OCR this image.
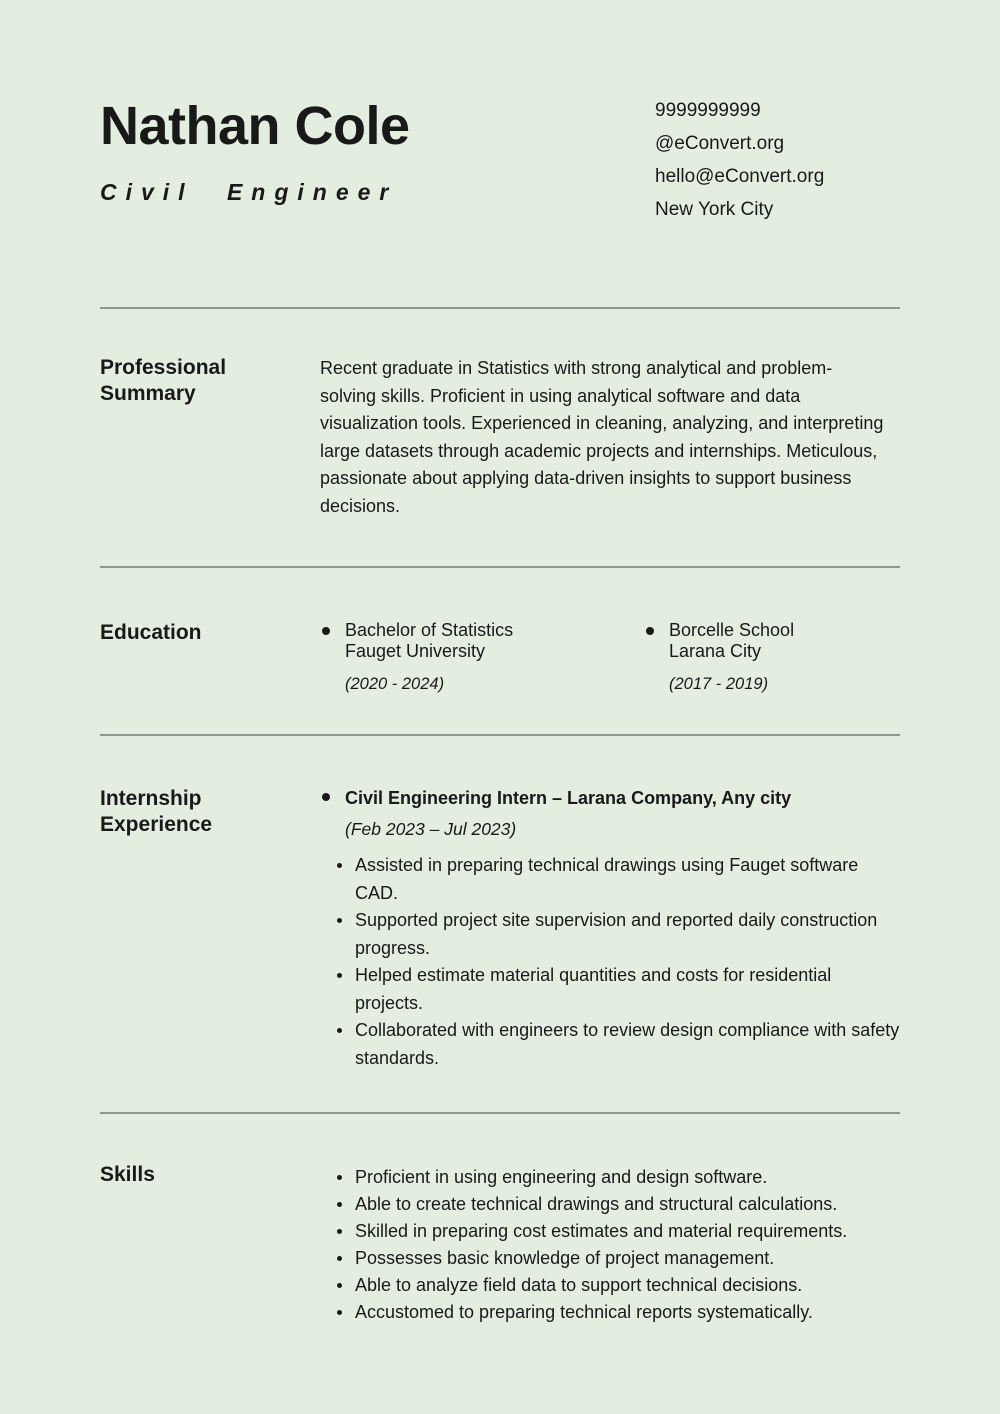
Nathan Cole
Civil Engineer
9999999999
@eConvert.org
hello@eConvert.org
New York City
Professional Summary

Recent graduate in Statistics with strong analytical and problem-solving skills. Proficient in using analytical software and data visualization tools. Experienced in cleaning, analyzing, and interpreting large datasets through academic projects and internships. Meticulous, passionate about applying data-driven insights to support business decisions.

Education	Bachelor of Statistics
Fauget University
(2020 - 2024)
Borcelle School
Larana City
(2017 - 2019)
Internship Experience
Civil Engineering Intern – Larana Company, Any city
(Feb 2023 – Jul 2023)
Assisted in preparing technical drawings using Fauget software CAD.
Supported project site supervision and reported daily construction progress.
Helped estimate material quantities and costs for residential projects.
Collaborated with engineers to review design compliance with safety standards.
Skills	Proficient in using engineering and design software.
Able to create technical drawings and structural calculations.
Skilled in preparing cost estimates and material requirements.
Possesses basic knowledge of project management.
Able to analyze field data to support technical decisions.
Accustomed to preparing technical reports systematically.
